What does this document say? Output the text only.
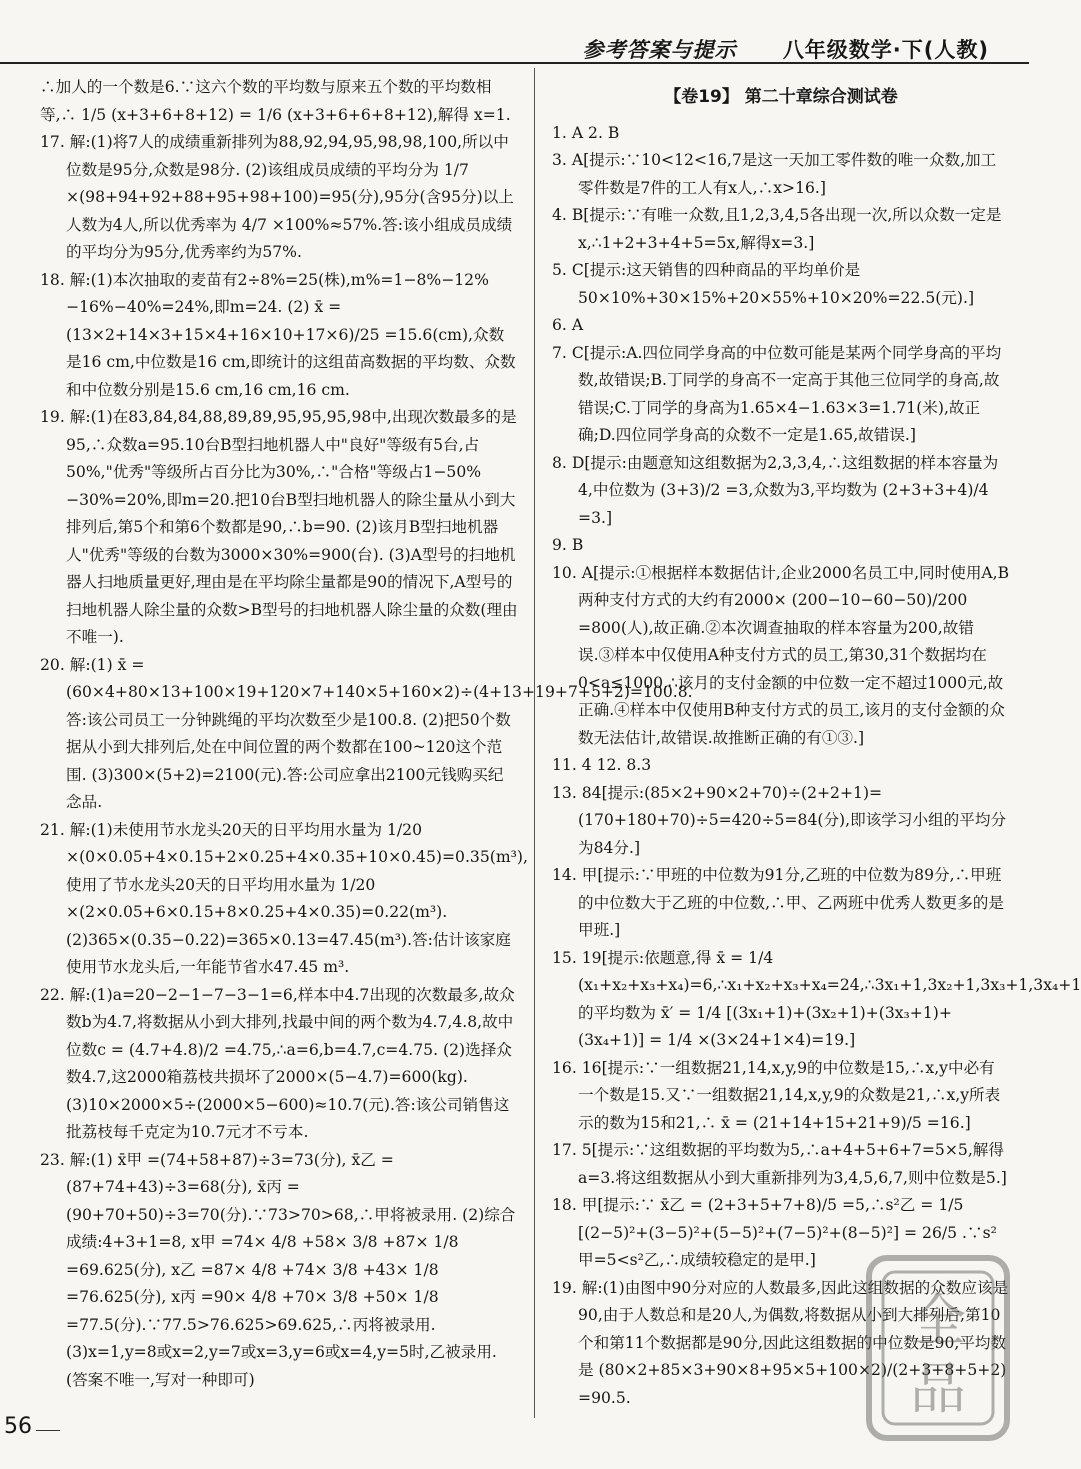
参考答案与提示 八年级数学·下(人教)

∴加人的一个数是6.∵这六个数的平均数与原来五个数的平均数相等,∴ 1/5 (x+3+6+8+12) = 1/6 (x+3+6+6+8+12),解得 x=1.

17. 解:(1)将7人的成绩重新排列为88,92,94,95,98,98,100,所以中位数是95分,众数是98分. (2)该组成员成绩的平均分为 1/7 ×(98+94+92+88+95+98+100)=95(分),95分(含95分)以上人数为4人,所以优秀率为 4/7 ×100%≈57%.答:该小组成员成绩的平均分为95分,优秀率约为57%.

18. 解:(1)本次抽取的麦苗有2÷8%=25(株),m%=1−8%−12%−16%−40%=24%,即m=24. (2) x̄ = (13×2+14×3+15×4+16×10+17×6)/25 =15.6(cm),众数是16 cm,中位数是16 cm,即统计的这组苗高数据的平均数、众数和中位数分别是15.6 cm,16 cm,16 cm.

19. 解:(1)在83,84,84,88,89,89,95,95,95,98中,出现次数最多的是95,∴众数a=95.10台B型扫地机器人中"良好"等级有5台,占50%,"优秀"等级所占百分比为30%,∴"合格"等级占1−50%−30%=20%,即m=20.把10台B型扫地机器人的除尘量从小到大排列后,第5个和第6个数都是90,∴b=90. (2)该月B型扫地机器人"优秀"等级的台数为3000×30%=900(台). (3)A型号的扫地机器人扫地质量更好,理由是在平均除尘量都是90的情况下,A型号的扫地机器人除尘量的众数>B型号的扫地机器人除尘量的众数(理由不唯一).

20. 解:(1) x̄ =(60×4+80×13+100×19+120×7+140×5+160×2)÷(4+13+19+7+5+2)=100.8.答:该公司员工一分钟跳绳的平均次数至少是100.8. (2)把50个数据从小到大排列后,处在中间位置的两个数都在100~120这个范围. (3)300×(5+2)=2100(元).答:公司应拿出2100元钱购买纪念品.

21. 解:(1)未使用节水龙头20天的日平均用水量为 1/20 ×(0×0.05+4×0.15+2×0.25+4×0.35+10×0.45)=0.35(m³),使用了节水龙头20天的日平均用水量为 1/20 ×(2×0.05+6×0.15+8×0.25+4×0.35)=0.22(m³). (2)365×(0.35−0.22)=365×0.13=47.45(m³).答:估计该家庭使用节水龙头后,一年能节省水47.45 m³.

22. 解:(1)a=20−2−1−7−3−1=6,样本中4.7出现的次数最多,故众数b为4.7,将数据从小到大排列,找最中间的两个数为4.7,4.8,故中位数c = (4.7+4.8)/2 =4.75,∴a=6,b=4.7,c=4.75. (2)选择众数4.7,这2000箱荔枝共损坏了2000×(5−4.7)=600(kg). (3)10×2000×5÷(2000×5−600)≈10.7(元).答:该公司销售这批荔枝每千克定为10.7元才不亏本.

23. 解:(1) x̄甲 =(74+58+87)÷3=73(分), x̄乙 =(87+74+43)÷3=68(分), x̄丙 =(90+70+50)÷3=70(分).∵73>70>68,∴甲将被录用. (2)综合成绩:4+3+1=8, x甲 =74× 4/8 +58× 3/8 +87× 1/8 =69.625(分), x乙 =87× 4/8 +74× 3/8 +43× 1/8 =76.625(分), x丙 =90× 4/8 +70× 3/8 +50× 1/8 =77.5(分).∵77.5>76.625>69.625,∴丙将被录用. (3)x=1,y=8或x=2,y=7或x=3,y=6或x=4,y=5时,乙被录用.(答案不唯一,写对一种即可)

【卷19】 第二十章综合测试卷

1. A 2. B

3. A[提示:∵10<12<16,7是这一天加工零件数的唯一众数,加工零件数是7件的工人有x人,∴x>16.]

4. B[提示:∵有唯一众数,且1,2,3,4,5各出现一次,所以众数一定是x,∴1+2+3+4+5=5x,解得x=3.]

5. C[提示:这天销售的四种商品的平均单价是50×10%+30×15%+20×55%+10×20%=22.5(元).]

6. A

7. C[提示:A.四位同学身高的中位数可能是某两个同学身高的平均数,故错误;B.丁同学的身高不一定高于其他三位同学的身高,故错误;C.丁同学的身高为1.65×4−1.63×3=1.71(米),故正确;D.四位同学身高的众数不一定是1.65,故错误.]

8. D[提示:由题意知这组数据为2,3,3,4,∴这组数据的样本容量为4,中位数为 (3+3)/2 =3,众数为3,平均数为 (2+3+3+4)/4 =3.]

9. B

10. A[提示:①根据样本数据估计,企业2000名员工中,同时使用A,B两种支付方式的大约有2000× (200−10−60−50)/200 =800(人),故正确.②本次调查抽取的样本容量为200,故错误.③样本中仅使用A种支付方式的员工,第30,31个数据均在0<a≤1000,∴该月的支付金额的中位数一定不超过1000元,故正确.④样本中仅使用B种支付方式的员工,该月的支付金额的众数无法估计,故错误.故推断正确的有①③.]

11. 4 12. 8.3

13. 84[提示:(85×2+90×2+70)÷(2+2+1)=(170+180+70)÷5=420÷5=84(分),即该学习小组的平均分为84分.]

14. 甲[提示:∵甲班的中位数为91分,乙班的中位数为89分,∴甲班的中位数大于乙班的中位数,∴甲、乙两班中优秀人数更多的是甲班.]

15. 19[提示:依题意,得 x̄ = 1/4 (x₁+x₂+x₃+x₄)=6,∴x₁+x₂+x₃+x₄=24,∴3x₁+1,3x₂+1,3x₃+1,3x₄+1的平均数为 x̄′ = 1/4 [(3x₁+1)+(3x₂+1)+(3x₃+1)+(3x₄+1)] = 1/4 ×(3×24+1×4)=19.]

16. 16[提示:∵一组数据21,14,x,y,9的中位数是15,∴x,y中必有一个数是15.又∵一组数据21,14,x,y,9的众数是21,∴x,y所表示的数为15和21,∴ x̄ = (21+14+15+21+9)/5 =16.]

17. 5[提示:∵这组数据的平均数为5,∴a+4+5+6+7=5×5,解得a=3.将这组数据从小到大重新排列为3,4,5,6,7,则中位数是5.]

18. 甲[提示:∵ x̄乙 = (2+3+5+7+8)/5 =5,∴s²乙 = 1/5 [(2−5)²+(3−5)²+(5−5)²+(7−5)²+(8−5)²] = 26/5 .∵s²甲=5<s²乙,∴成绩较稳定的是甲.]

19. 解:(1)由图中90分对应的人数最多,因此这组数据的众数应该是90,由于人数总和是20人,为偶数,将数据从小到大排列后,第10个和第11个数据都是90分,因此这组数据的中位数是90,平均数是 (80×2+85×3+90×8+95×5+100×2)/(2+3+8+5+2) =90.5.

56
全
品
